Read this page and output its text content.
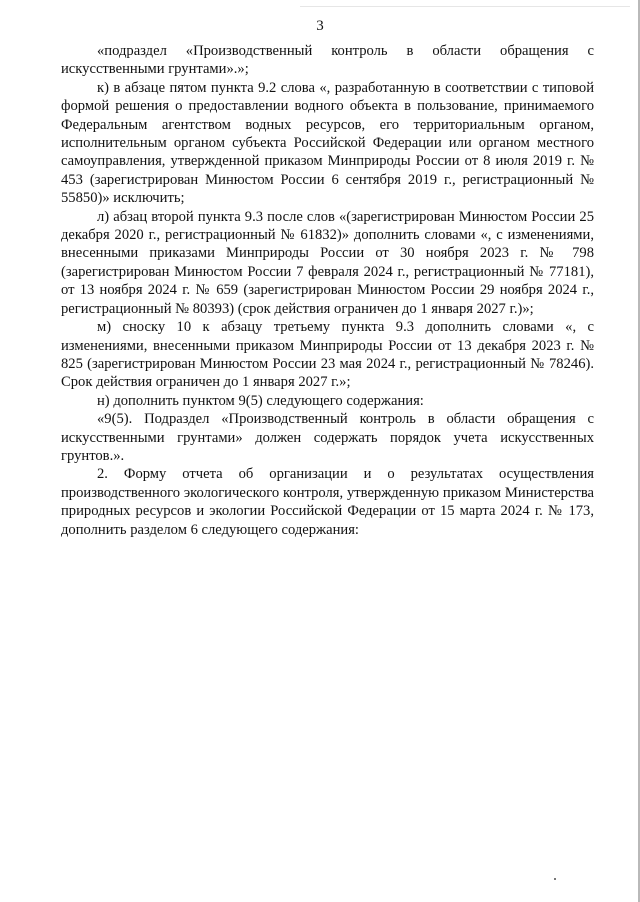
3

«подраздел «Производственный контроль в области обращения с искусственными грунтами».»;

к) в абзаце пятом пункта 9.2 слова «, разработанную в соответствии с типовой формой решения о предоставлении водного объекта в пользование, принимаемого Федеральным агентством водных ресурсов, его территориальным органом, исполнительным органом субъекта Российской Федерации или органом местного самоуправления, утвержденной приказом Минприроды России от 8 июля 2019 г. № 453 (зарегистрирован Минюстом России 6 сентября 2019 г., регистрационный № 55850)» исключить;

л) абзац второй пункта 9.3 после слов «(зарегистрирован Минюстом России 25 декабря 2020 г., регистрационный № 61832)» дополнить словами «, с изменениями, внесенными приказами Минприроды России от 30 ноября 2023 г. № 798 (зарегистрирован Минюстом России 7 февраля 2024 г., регистрационный № 77181), от 13 ноября 2024 г. № 659 (зарегистрирован Минюстом России 29 ноября 2024 г., регистрационный № 80393) (срок действия ограничен до 1 января 2027 г.)»;

м) сноску 10 к абзацу третьему пункта 9.3 дополнить словами «, с изменениями, внесенными приказом Минприроды России от 13 декабря 2023 г. № 825 (зарегистрирован Минюстом России 23 мая 2024 г., регистрационный № 78246). Срок действия ограничен до 1 января 2027 г.»;

н) дополнить пунктом 9(5) следующего содержания:

«9(5). Подраздел «Производственный контроль в области обращения с искусственными грунтами» должен содержать порядок учета искусственных грунтов.».

2. Форму отчета об организации и о результатах осуществления производственного экологического контроля, утвержденную приказом Министерства природных ресурсов и экологии Российской Федерации от 15 марта 2024 г. № 173, дополнить разделом 6 следующего содержания:
